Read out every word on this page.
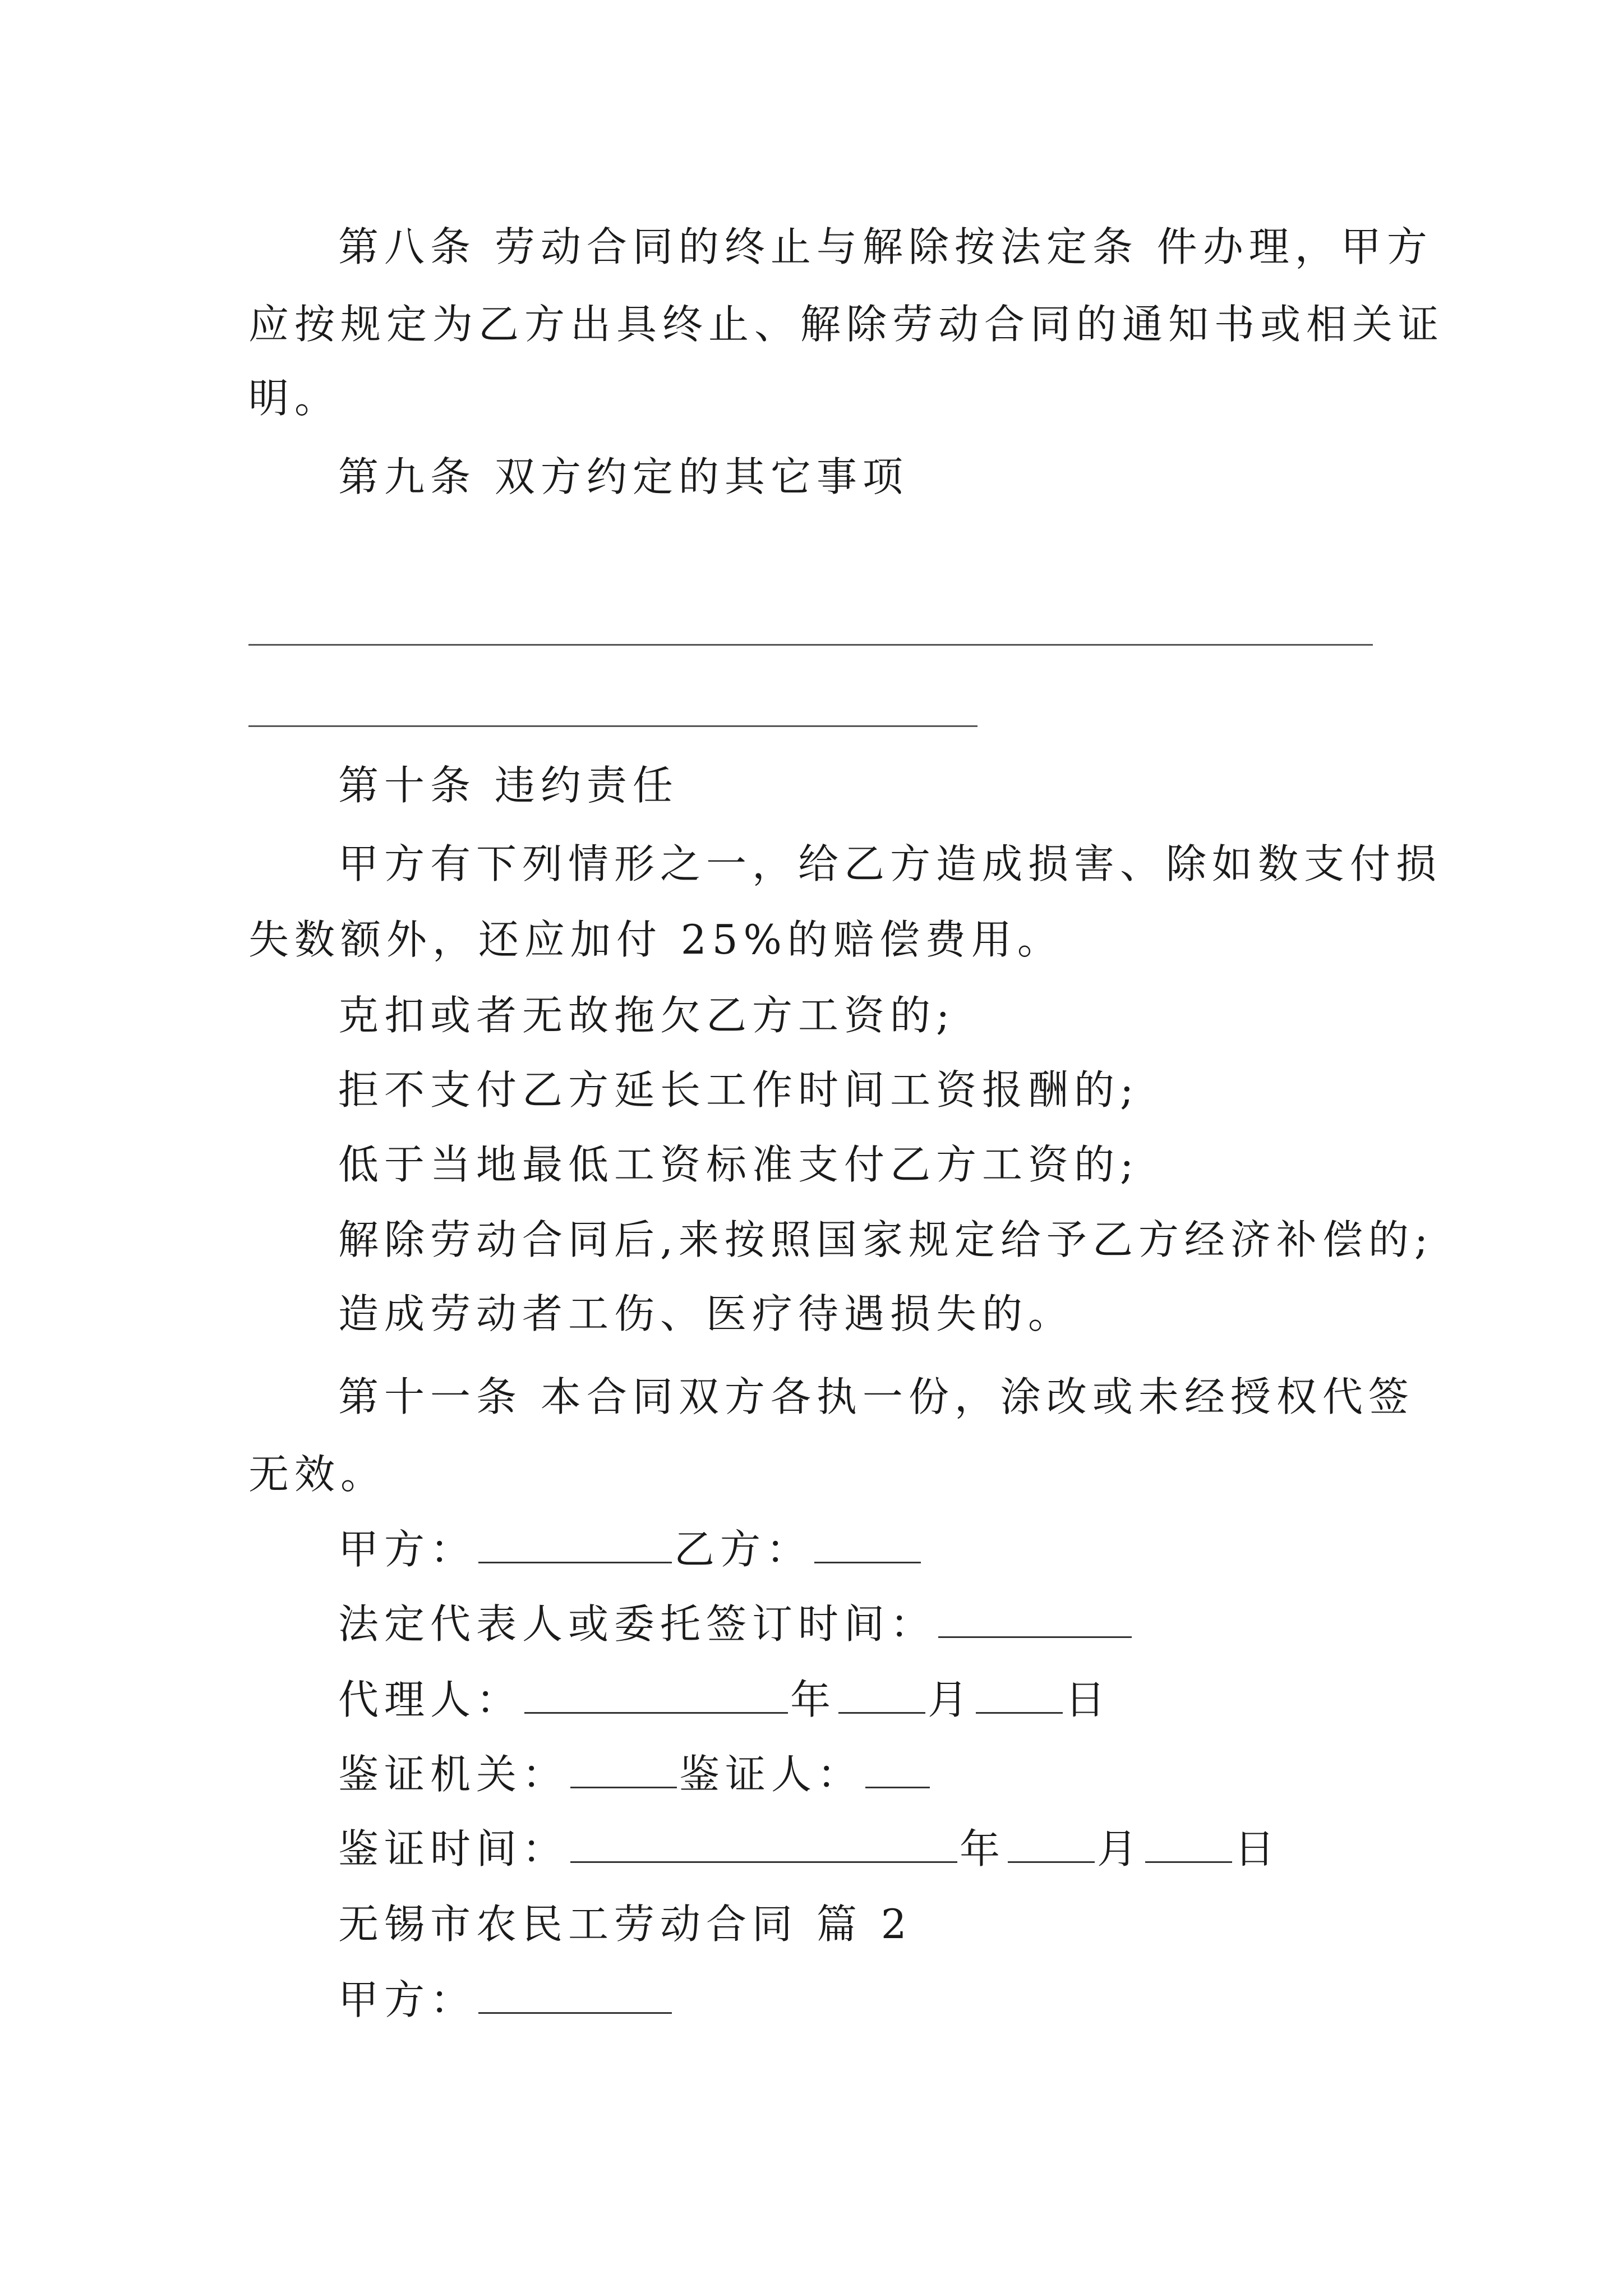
第八条 劳动合同的终止与解除按法定条 件办理，甲方
应按规定为乙方出具终止、解除劳动合同的通知书或相关证
明。
第九条 双方约定的其它事项
第十条 违约责任
甲方有下列情形之一，给乙方造成损害、除如数支付损
失数额外，还应加付 25%的赔偿费用。
克扣或者无故拖欠乙方工资的;
拒不支付乙方延长工作时间工资报酬的;
低于当地最低工资标准支付乙方工资的;
解除劳动合同后,来按照国家规定给予乙方经济补偿的;
造成劳动者工伤、医疗待遇损失的。
第十一条 本合同双方各执一份，涂改或未经授权代签
无效。
甲方：	乙方：
法定代表人或委托签订时间：
代理人：	年 月 日
鉴证机关：	鉴证人：
鉴证时间：	年 月 日
无锡市农民工劳动合同 篇 2
甲方：
